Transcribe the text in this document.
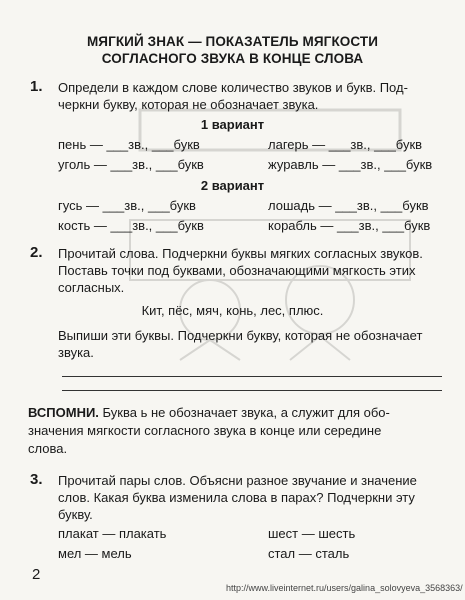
МЯГКИЙ ЗНАК — ПОКАЗАТЕЛЬ МЯГКОСТИ
СОГЛАСНОГО ЗВУКА В КОНЦЕ СЛОВА
1. Определи в каждом слове количество звуков и букв. Под-
черкни букву, которая не обозначает звука.
1 вариант
пень — ___зв., ___букв	лагерь — ___зв., ___букв
уголь — ___зв., ___букв	журавль — ___зв., ___букв
2 вариант
гусь — ___зв., ___букв	лошадь — ___зв., ___букв
кость — ___зв., ___букв	корабль — ___зв., ___букв
2. Прочитай слова. Подчеркни буквы мягких согласных звуков.
Поставь точки под буквами, обозначающими мягкость этих
согласных.
Кит, пёс, мяч, конь, лес, плюс.
Выпиши эти буквы. Подчеркни букву, которая не обозначает
звука.
ВСПОМНИ. Буква ь не обозначает звука, а служит для обо-
значения мягкости согласного звука в конце или середине
слова.
3. Прочитай пары слов. Объясни разное звучание и значение
слов. Какая буква изменила слова в парах? Подчеркни эту
букву.
плакат — плакать	шест — шесть
мел — мель	стал — сталь
2
http://www.liveinternet.ru/users/galina_solovyeva_3568363/
